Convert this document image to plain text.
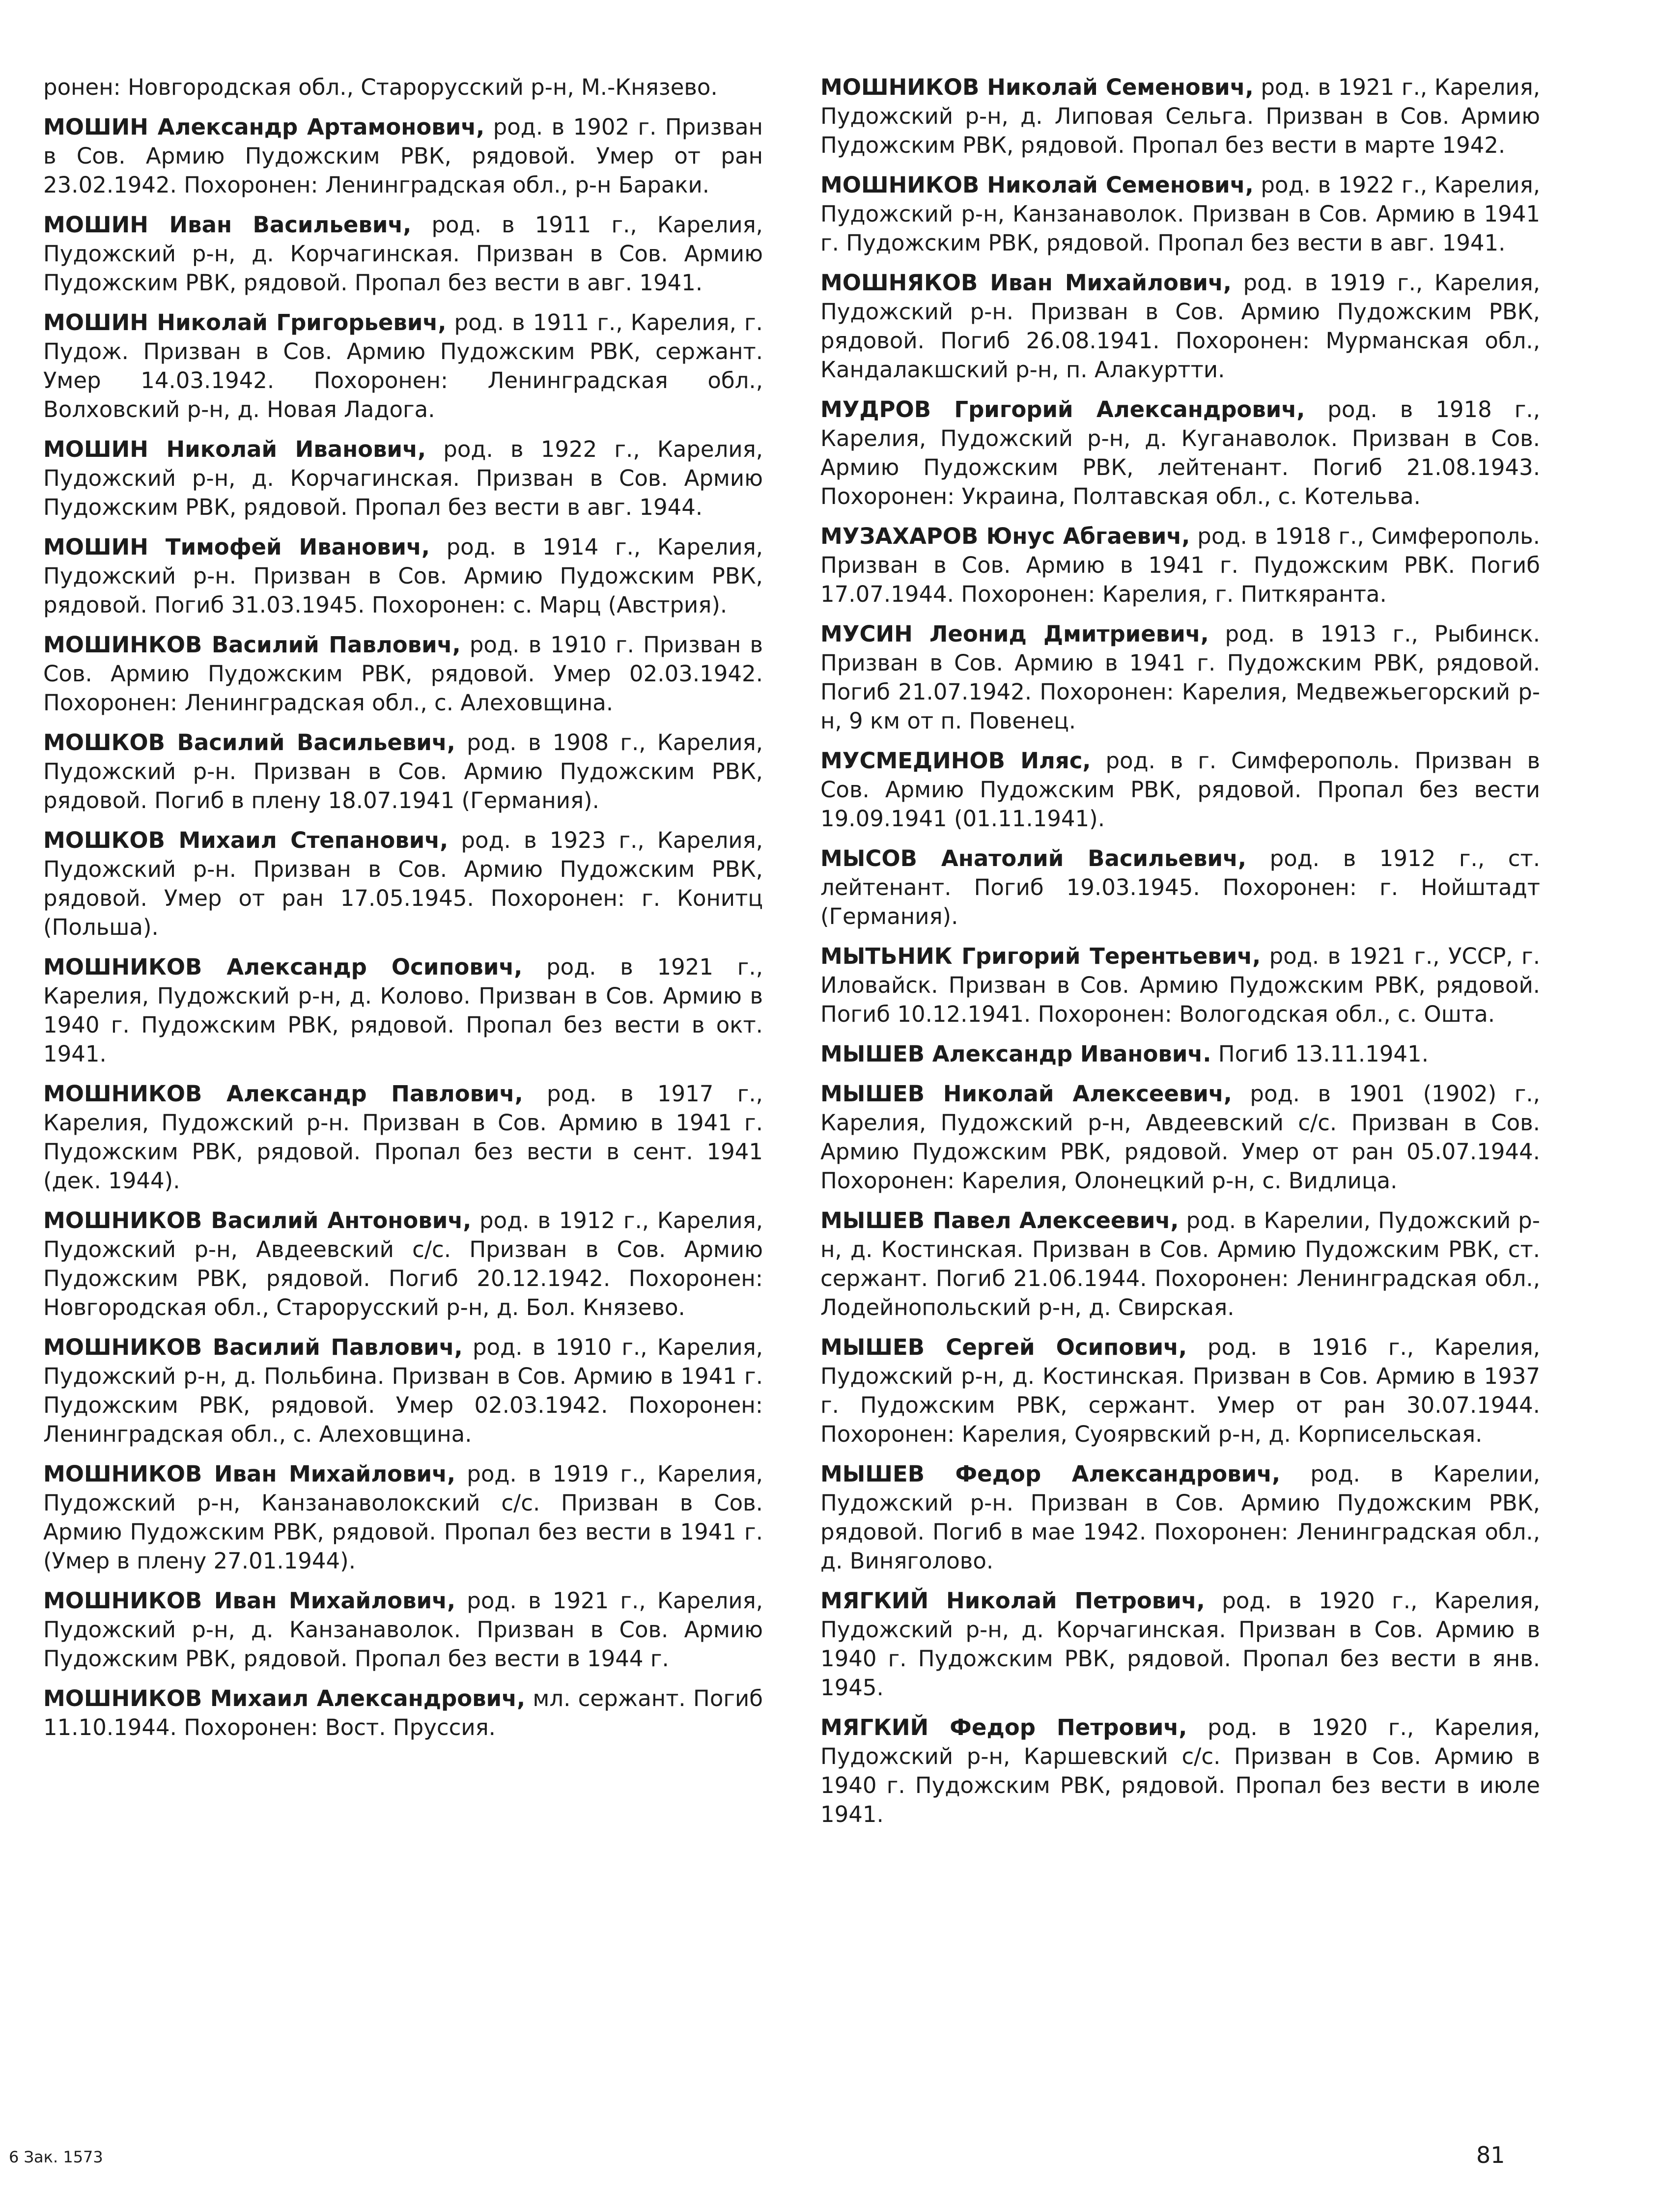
ронен: Новгородская обл., Старорусский р-н, М.-Князево.

МОШИН Александр Артамонович, род. в 1902 г. Призван в Сов. Армию Пудожским РВК, рядовой. Умер от ран 23.02.1942. Похоронен: Ленинградская обл., р-н Бараки.

МОШИН Иван Васильевич, род. в 1911 г., Карелия, Пудожский р-н, д. Корчагинская. Призван в Сов. Армию Пудожским РВК, рядовой. Пропал без вести в авг. 1941.

МОШИН Николай Григорьевич, род. в 1911 г., Карелия, г. Пудож. Призван в Сов. Армию Пудожским РВК, сержант. Умер 14.03.1942. Похоронен: Ленинградская обл., Волховский р-н, д. Новая Ладога.

МОШИН Николай Иванович, род. в 1922 г., Карелия, Пудожский р-н, д. Корчагинская. Призван в Сов. Армию Пудожским РВК, рядовой. Пропал без вести в авг. 1944.

МОШИН Тимофей Иванович, род. в 1914 г., Карелия, Пудожский р-н. Призван в Сов. Армию Пудожским РВК, рядовой. Погиб 31.03.1945. Похоронен: с. Марц (Австрия).

МОШИНКОВ Василий Павлович, род. в 1910 г. Призван в Сов. Армию Пудожским РВК, рядовой. Умер 02.03.1942. Похоронен: Ленинградская обл., с. Алеховщина.

МОШКОВ Василий Васильевич, род. в 1908 г., Карелия, Пудожский р-н. Призван в Сов. Армию Пудожским РВК, рядовой. Погиб в плену 18.07.1941 (Германия).

МОШКОВ Михаил Степанович, род. в 1923 г., Карелия, Пудожский р-н. Призван в Сов. Армию Пудожским РВК, рядовой. Умер от ран 17.05.1945. Похоронен: г. Конитц (Польша).

МОШНИКОВ Александр Осипович, род. в 1921 г., Карелия, Пудожский р-н, д. Колово. Призван в Сов. Армию в 1940 г. Пудожским РВК, рядовой. Пропал без вести в окт. 1941.

МОШНИКОВ Александр Павлович, род. в 1917 г., Карелия, Пудожский р-н. Призван в Сов. Армию в 1941 г. Пудожским РВК, рядовой. Пропал без вести в сент. 1941 (дек. 1944).

МОШНИКОВ Василий Антонович, род. в 1912 г., Карелия, Пудожский р-н, Авдеевский с/с. Призван в Сов. Армию Пудожским РВК, рядовой. Погиб 20.12.1942. Похоронен: Новгородская обл., Старорусский р-н, д. Бол. Князево.

МОШНИКОВ Василий Павлович, род. в 1910 г., Карелия, Пудожский р-н, д. Польбина. Призван в Сов. Армию в 1941 г. Пудожским РВК, рядовой. Умер 02.03.1942. Похоронен: Ленинградская обл., с. Алеховщина.

МОШНИКОВ Иван Михайлович, род. в 1919 г., Карелия, Пудожский р-н, Канзанаволокский с/с. Призван в Сов. Армию Пудожским РВК, рядовой. Пропал без вести в 1941 г. (Умер в плену 27.01.1944).

МОШНИКОВ Иван Михайлович, род. в 1921 г., Карелия, Пудожский р-н, д. Канзанаволок. Призван в Сов. Армию Пудожским РВК, рядовой. Пропал без вести в 1944 г.

МОШНИКОВ Михаил Александрович, мл. сержант. Погиб 11.10.1944. Похоронен: Вост. Пруссия.

МОШНИКОВ Николай Семенович, род. в 1921 г., Карелия, Пудожский р-н, д. Липовая Сельга. Призван в Сов. Армию Пудожским РВК, рядовой. Пропал без вести в марте 1942.

МОШНИКОВ Николай Семенович, род. в 1922 г., Карелия, Пудожский р-н, Канзанаволок. Призван в Сов. Армию в 1941 г. Пудожским РВК, рядовой. Пропал без вести в авг. 1941.

МОШНЯКОВ Иван Михайлович, род. в 1919 г., Карелия, Пудожский р-н. Призван в Сов. Армию Пудожским РВК, рядовой. Погиб 26.08.1941. Похоронен: Мурманская обл., Кандалакшский р-н, п. Алакуртти.

МУДРОВ Григорий Александрович, род. в 1918 г., Карелия, Пудожский р-н, д. Куганаволок. Призван в Сов. Армию Пудожским РВК, лейтенант. Погиб 21.08.1943. Похоронен: Украина, Полтавская обл., с. Котельва.

МУЗАХАРОВ Юнус Абгаевич, род. в 1918 г., Симферополь. Призван в Сов. Армию в 1941 г. Пудожским РВК. Погиб 17.07.1944. Похоронен: Карелия, г. Питкяранта.

МУСИН Леонид Дмитриевич, род. в 1913 г., Рыбинск. Призван в Сов. Армию в 1941 г. Пудожским РВК, рядовой. Погиб 21.07.1942. Похоронен: Карелия, Медвежьегорский р-н, 9 км от п. Повенец.

МУСМЕДИНОВ Иляс, род. в г. Симферополь. Призван в Сов. Армию Пудожским РВК, рядовой. Пропал без вести 19.09.1941 (01.11.1941).

МЫСОВ Анатолий Васильевич, род. в 1912 г., ст. лейтенант. Погиб 19.03.1945. Похоронен: г. Нойштадт (Германия).

МЫТЬНИК Григорий Терентьевич, род. в 1921 г., УССР, г. Иловайск. Призван в Сов. Армию Пудожским РВК, рядовой. Погиб 10.12.1941. Похоронен: Вологодская обл., с. Ошта.

МЫШЕВ Александр Иванович. Погиб 13.11.1941.

МЫШЕВ Николай Алексеевич, род. в 1901 (1902) г., Карелия, Пудожский р-н, Авдеевский с/с. Призван в Сов. Армию Пудожским РВК, рядовой. Умер от ран 05.07.1944. Похоронен: Карелия, Олонецкий р-н, с. Видлица.

МЫШЕВ Павел Алексеевич, род. в Карелии, Пудожский р-н, д. Костинская. Призван в Сов. Армию Пудожским РВК, ст. сержант. Погиб 21.06.1944. Похоронен: Ленинградская обл., Лодейнопольский р-н, д. Свирская.

МЫШЕВ Сергей Осипович, род. в 1916 г., Карелия, Пудожский р-н, д. Костинская. Призван в Сов. Армию в 1937 г. Пудожским РВК, сержант. Умер от ран 30.07.1944. Похоронен: Карелия, Суоярвский р-н, д. Корписельская.

МЫШЕВ Федор Александрович, род. в Карелии, Пудожский р-н. Призван в Сов. Армию Пудожским РВК, рядовой. Погиб в мае 1942. Похоронен: Ленинградская обл., д. Виняголово.

МЯГКИЙ Николай Петрович, род. в 1920 г., Карелия, Пудожский р-н, д. Корчагинская. Призван в Сов. Армию в 1940 г. Пудожским РВК, рядовой. Пропал без вести в янв. 1945.

МЯГКИЙ Федор Петрович, род. в 1920 г., Карелия, Пудожский р-н, Каршевский с/с. Призван в Сов. Армию в 1940 г. Пудожским РВК, рядовой. Пропал без вести в июле 1941.

6 Зак. 1573	81
